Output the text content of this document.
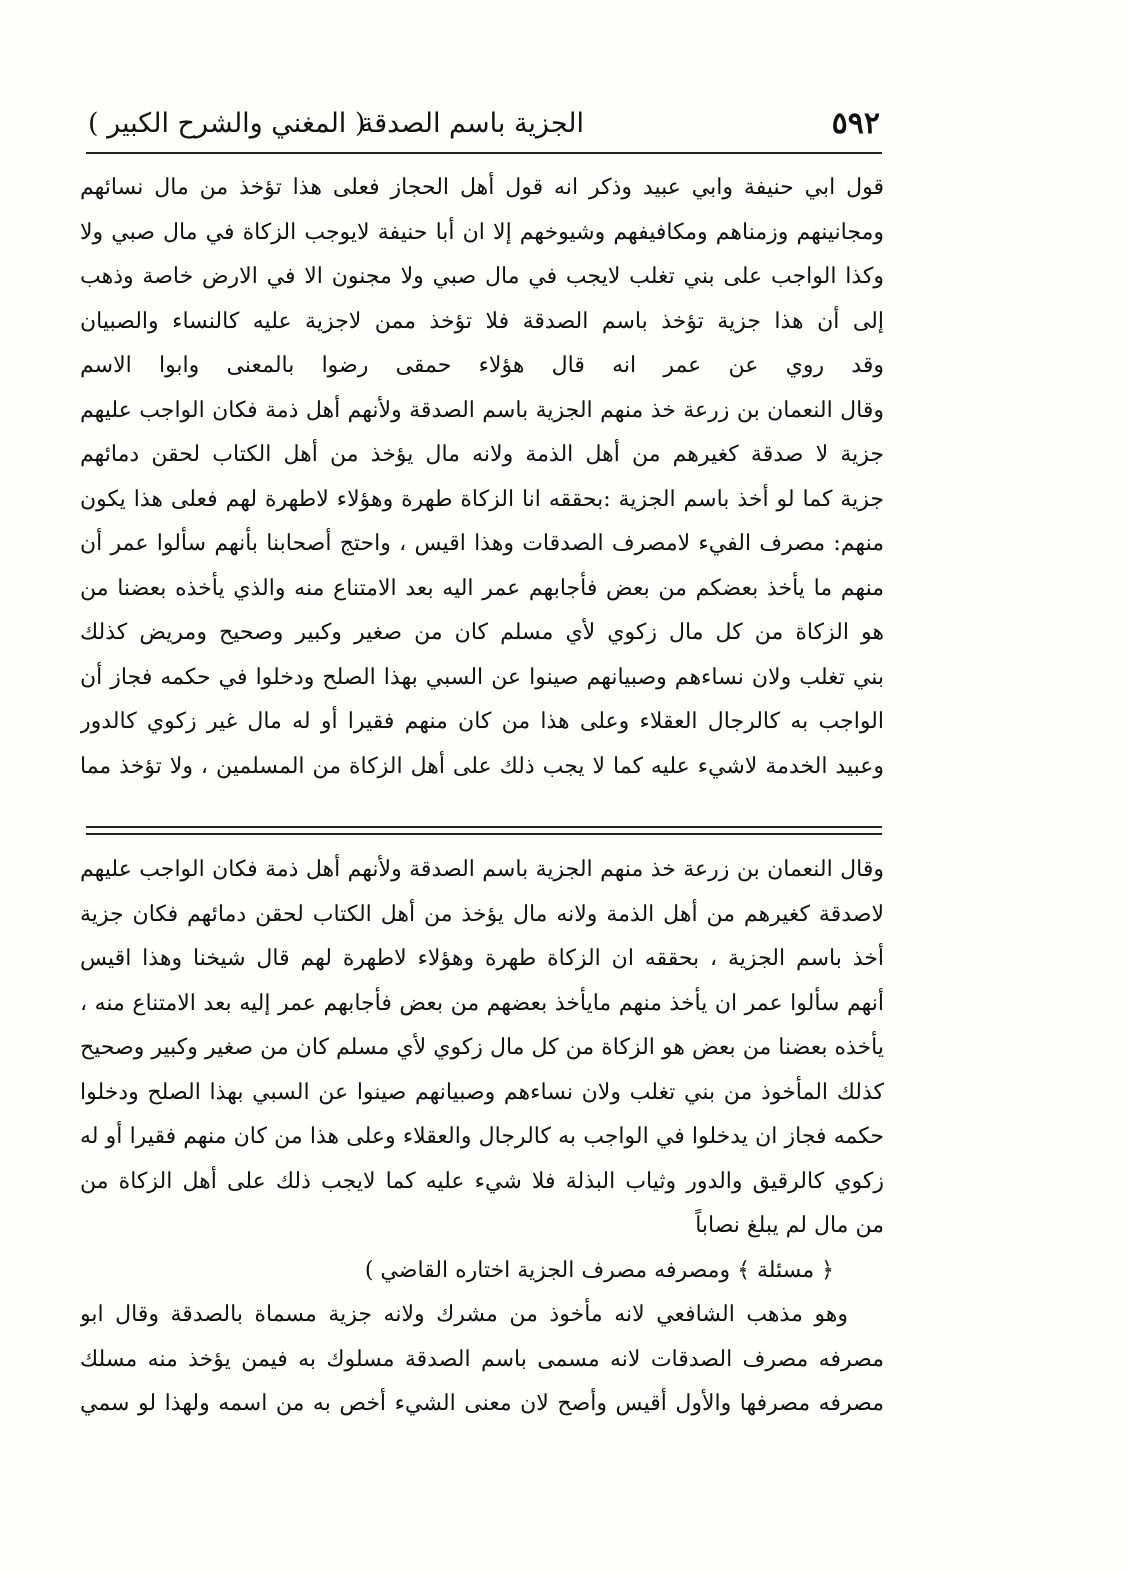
٥٩٢
الجزية باسم الصدقة
( المغني والشرح الكبير )
قول ابي حنيفة وابي عبيد وذكر انه قول أهل الحجاز فعلى هذا تؤخذ من مال نسائهم
ومجانينهم وزمناهم ومكافيفهم وشيوخهم إلا ان أبا حنيفة لايوجب الزكاة في مال صبي ولا
وكذا الواجب على بني تغلب لايجب في مال صبي ولا مجنون الا في الارض خاصة وذهب
إلى أن هذا جزية تؤخذ باسم الصدقة فلا تؤخذ ممن لاجزية عليه كالنساء والصبيان
وقد روي عن عمر انه قال هؤلاء حمقى رضوا بالمعنى وابوا الاسم
وقال النعمان بن زرعة خذ منهم الجزية باسم الصدقة ولأنهم أهل ذمة فكان الواجب عليهم
جزية لا صدقة كغيرهم من أهل الذمة ولانه مال يؤخذ من أهل الكتاب لحقن دمائهم
جزية كما لو أخذ باسم الجزية :بحققه انا الزكاة طهرة وهؤلاء لاطهرة لهم فعلى هذا يكون
منهم: مصرف الفيء لامصرف الصدقات وهذا اقيس ، واحتج أصحابنا بأنهم سألوا عمر أن
منهم ما يأخذ بعضكم من بعض فأجابهم عمر اليه بعد الامتناع منه والذي يأخذه بعضنا من
هو الزكاة من كل مال زكوي لأي مسلم كان من صغير وكبير وصحيح ومريض كذلك
بني تغلب ولان نساءهم وصبيانهم صينوا عن السبي بهذا الصلح ودخلوا في حكمه فجاز أن
الواجب به كالرجال العقلاء وعلى هذا من كان منهم فقيرا أو له مال غير زكوي كالدور
وعبيد الخدمة لاشيء عليه كما لا يجب ذلك على أهل الزكاة من المسلمين ، ولا تؤخذ مما
وقال النعمان بن زرعة خذ منهم الجزية باسم الصدقة ولأنهم أهل ذمة فكان الواجب عليهم
لاصدقة كغيرهم من أهل الذمة ولانه مال يؤخذ من أهل الكتاب لحقن دمائهم فكان جزية
أخذ باسم الجزية ، بحققه ان الزكاة طهرة وهؤلاء لاطهرة لهم قال شيخنا وهذا اقيس
أنهم سألوا عمر ان يأخذ منهم مايأخذ بعضهم من بعض فأجابهم عمر إليه بعد الامتناع منه ،
يأخذه بعضنا من بعض هو الزكاة من كل مال زكوي لأي مسلم كان من صغير وكبير وصحيح
كذلك المأخوذ من بني تغلب ولان نساءهم وصبيانهم صينوا عن السبي بهذا الصلح ودخلوا
حكمه فجاز ان يدخلوا في الواجب به كالرجال والعقلاء وعلى هذا من كان منهم فقيرا أو له
زكوي كالرقيق والدور وثياب البذلة فلا شيء عليه كما لايجب ذلك على أهل الزكاة من
من مال لم يبلغ نصاباً
﴿ مسئلة ﴾ ومصرفه مصرف الجزية اختاره القاضي )
وهو مذهب الشافعي لانه مأخوذ من مشرك ولانه جزية مسماة بالصدقة وقال ابو
مصرفه مصرف الصدقات لانه مسمى باسم الصدقة مسلوك به فيمن يؤخذ منه مسلك
مصرفه مصرفها والأول أقيس وأصح لان معنى الشيء أخص به من اسمه ولهذا لو سمي
